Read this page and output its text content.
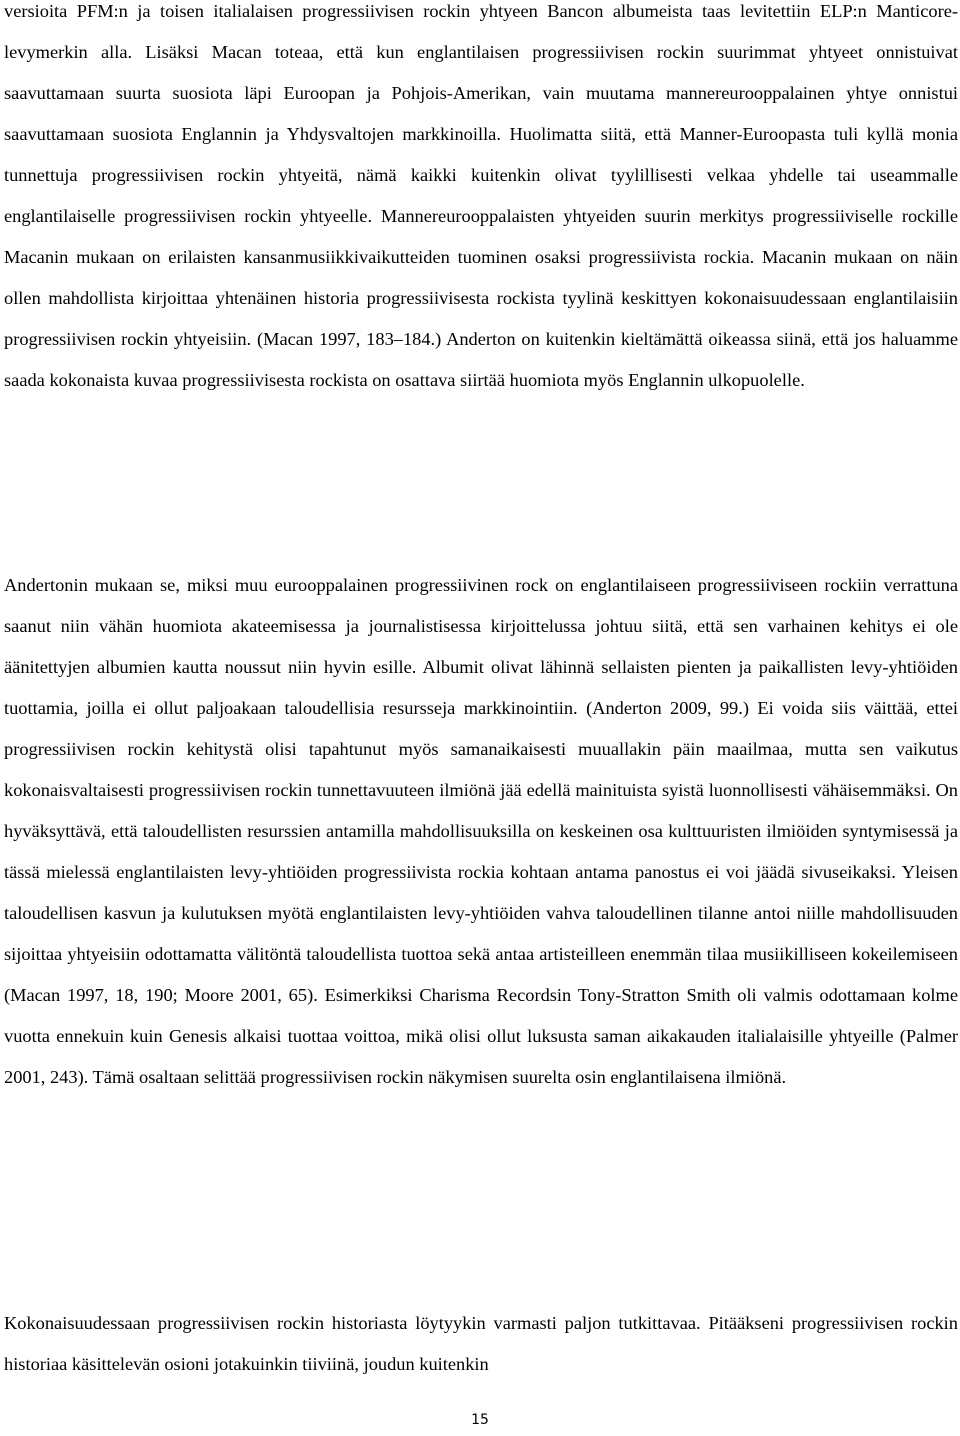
versioita PFM:n ja toisen italialaisen progressiivisen rockin yhtyeen Bancon albumeista taas levitettiin ELP:n Manticore-levymerkin alla. Lisäksi Macan toteaa, että kun englantilaisen progressiivisen rockin suurimmat yhtyeet onnistuivat saavuttamaan suurta suosiota läpi Euroopan ja Pohjois-Amerikan, vain muutama mannereurooppalainen yhtye onnistui saavuttamaan suosiota Englannin ja Yhdysvaltojen markkinoilla. Huolimatta siitä, että Manner-Euroopasta tuli kyllä monia tunnettuja progressiivisen rockin yhtyeitä, nämä kaikki kuitenkin olivat tyylillisesti velkaa yhdelle tai useammalle englantilaiselle progressiivisen rockin yhtyeelle. Mannereurooppalaisten yhtyeiden suurin merkitys progressiiviselle rockille Macanin mukaan on erilaisten kansanmusiikkivaikutteiden tuominen osaksi progressiivista rockia. Macanin mukaan on näin ollen mahdollista kirjoittaa yhtenäinen historia progressiivisesta rockista tyylinä keskittyen kokonaisuudessaan englantilaisiin progressiivisen rockin yhtyeisiin. (Macan 1997, 183–184.) Anderton on kuitenkin kieltämättä oikeassa siinä, että jos haluamme saada kokonaista kuvaa progressiivisesta rockista on osattava siirtää huomiota myös Englannin ulkopuolelle.

Andertonin mukaan se, miksi muu eurooppalainen progressiivinen rock on englantilaiseen progressiiviseen rockiin verrattuna saanut niin vähän huomiota akateemisessa ja journalistisessa kirjoittelussa johtuu siitä, että sen varhainen kehitys ei ole äänitettyjen albumien kautta noussut niin hyvin esille. Albumit olivat lähinnä sellaisten pienten ja paikallisten levy-yhtiöiden tuottamia, joilla ei ollut paljoakaan taloudellisia resursseja markkinointiin. (Anderton 2009, 99.) Ei voida siis väittää, ettei progressiivisen rockin kehitystä olisi tapahtunut myös samanaikaisesti muuallakin päin maailmaa, mutta sen vaikutus kokonaisvaltaisesti progressiivisen rockin tunnettavuuteen ilmiönä jää edellä mainituista syistä luonnollisesti vähäisemmäksi. On hyväksyttävä, että taloudellisten resurssien antamilla mahdollisuuksilla on keskeinen osa kulttuuristen ilmiöiden syntymisessä ja tässä mielessä englantilaisten levy-yhtiöiden progressiivista rockia kohtaan antama panostus ei voi jäädä sivuseikaksi. Yleisen taloudellisen kasvun ja kulutuksen myötä englantilaisten levy-yhtiöiden vahva taloudellinen tilanne antoi niille mahdollisuuden sijoittaa yhtyeisiin odottamatta välitöntä taloudellista tuottoa sekä antaa artisteilleen enemmän tilaa musiikilliseen kokeilemiseen (Macan 1997, 18, 190; Moore 2001, 65). Esimerkiksi Charisma Recordsin Tony-Stratton Smith oli valmis odottamaan kolme vuotta ennekuin kuin Genesis alkaisi tuottaa voittoa, mikä olisi ollut luksusta saman aikakauden italialaisille yhtyeille (Palmer 2001, 243). Tämä osaltaan selittää progressiivisen rockin näkymisen suurelta osin englantilaisena ilmiönä.

Kokonaisuudessaan progressiivisen rockin historiasta löytyykin varmasti paljon tutkittavaa. Pitääkseni progressiivisen rockin historiaa käsittelevän osioni jotakuinkin tiiviinä, joudun kuitenkin

15
